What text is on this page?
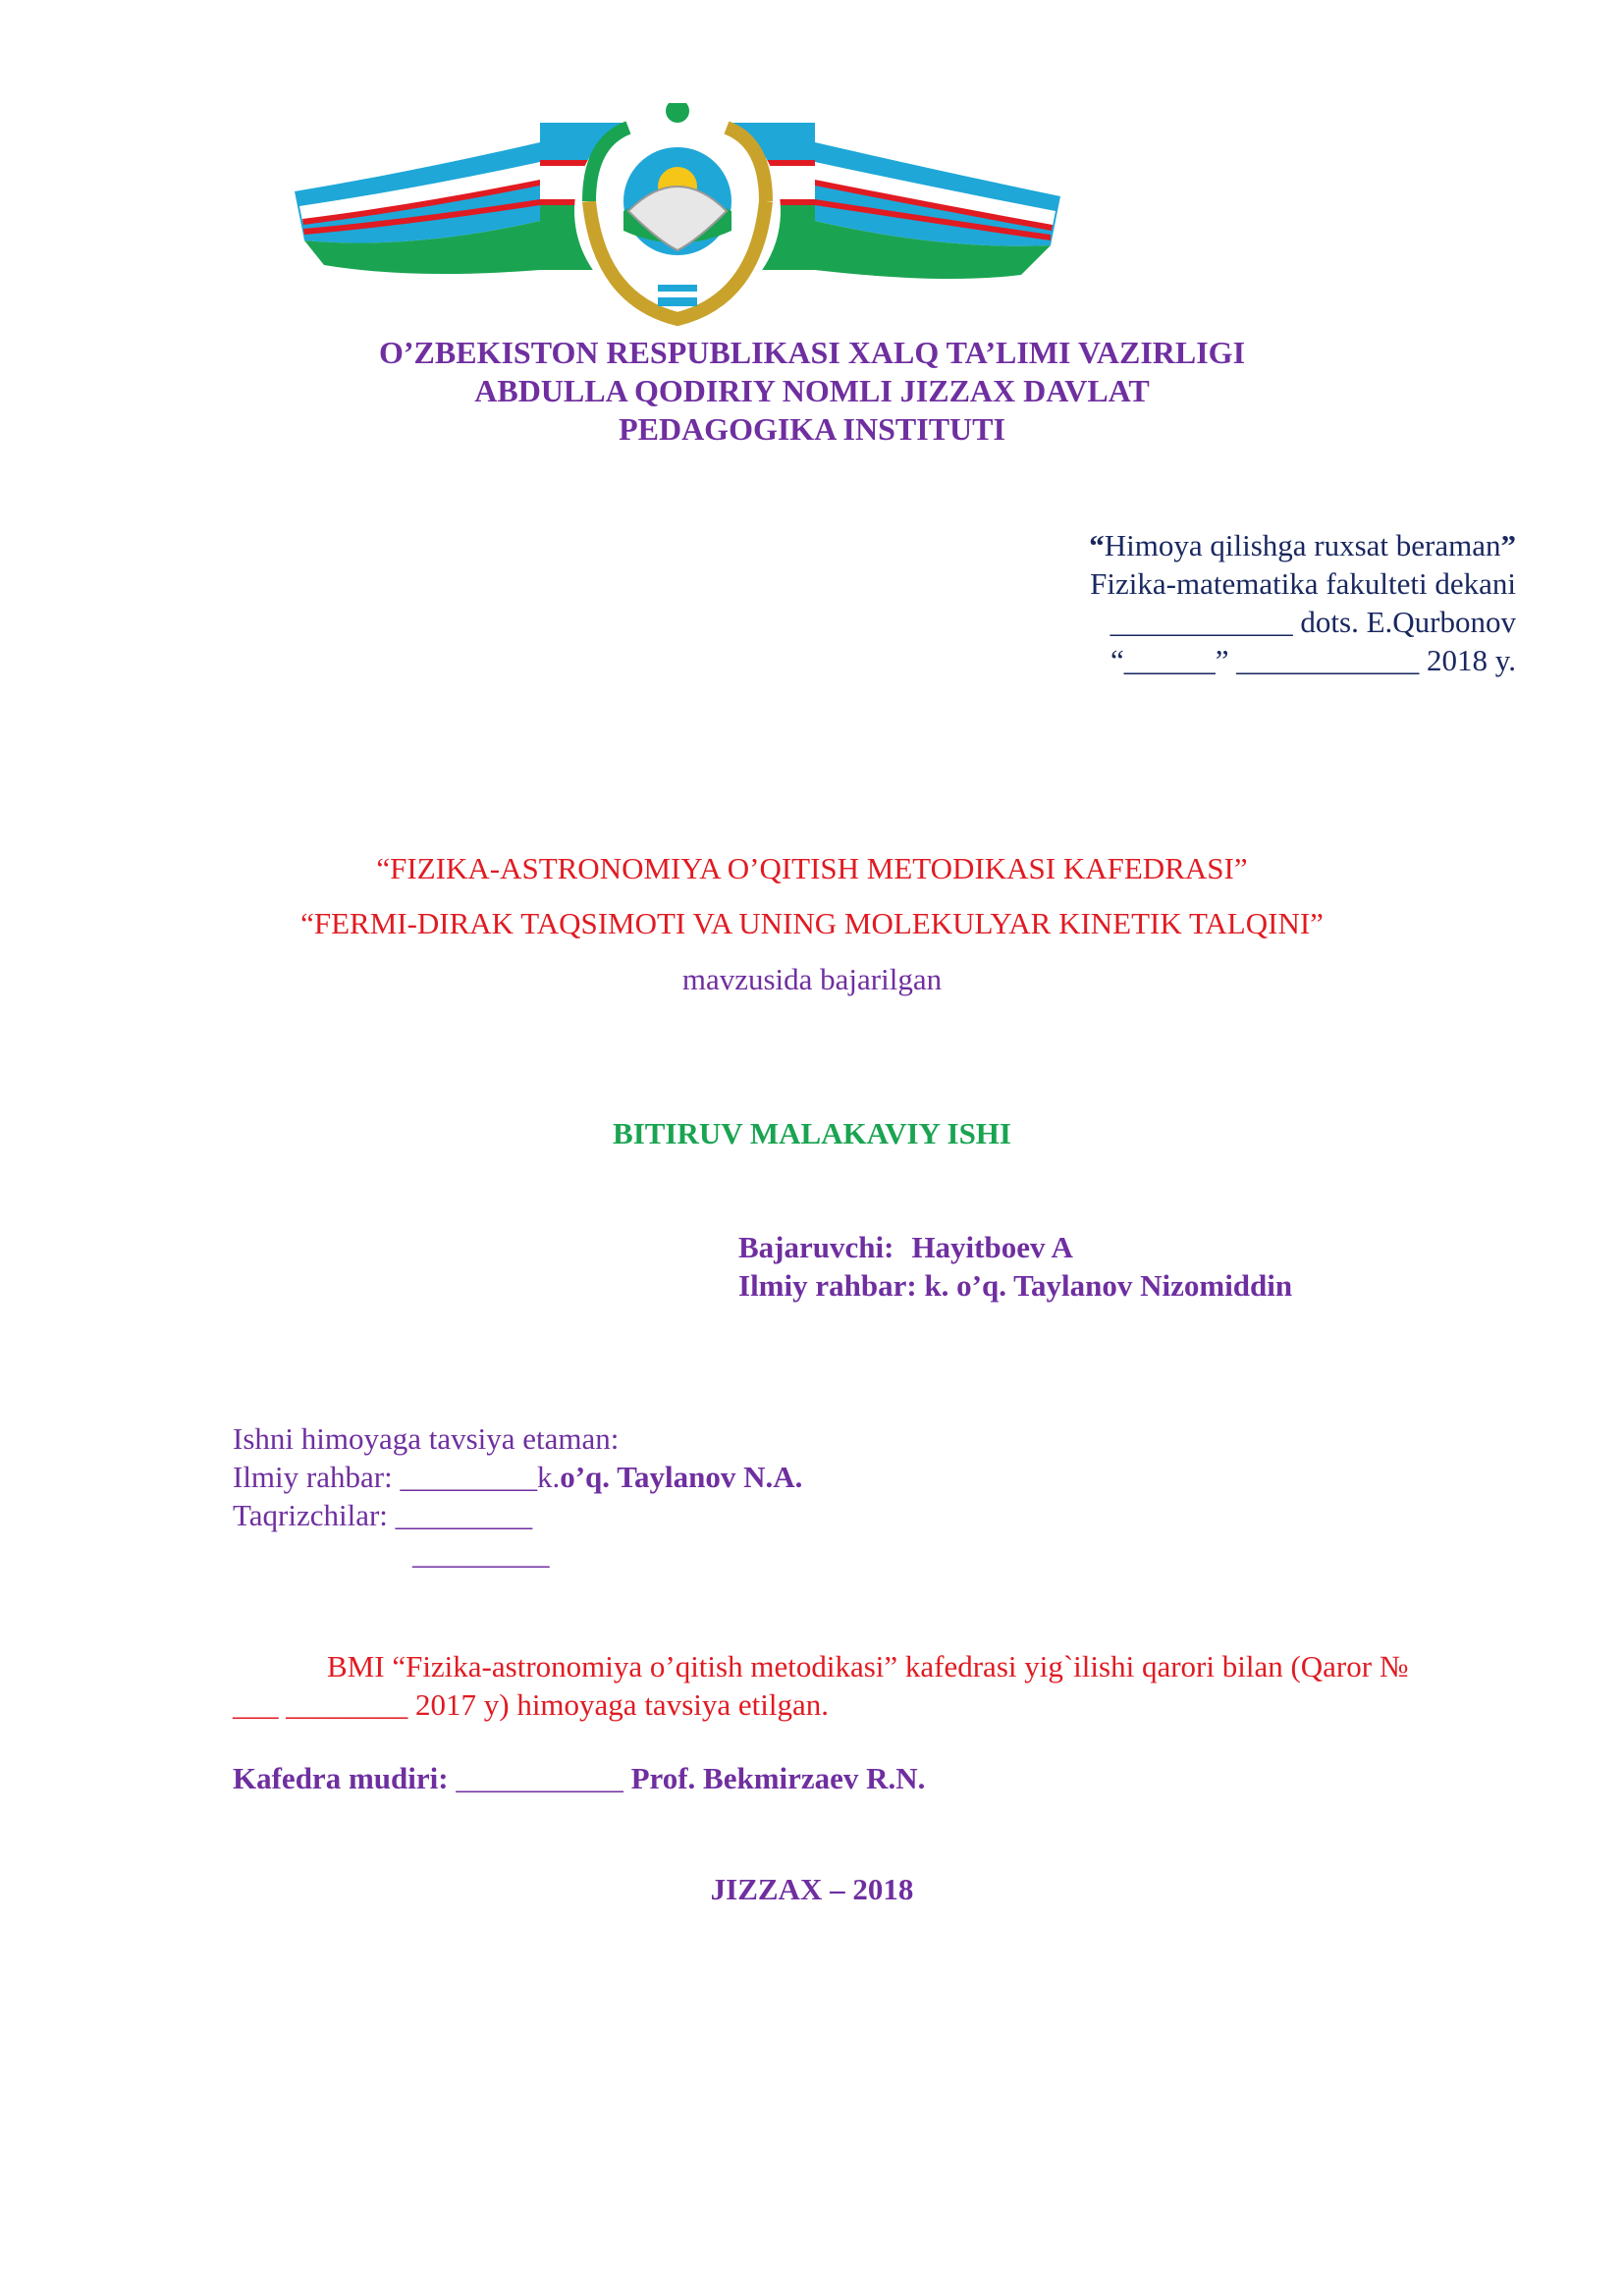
O’ZBEKISTON RESPUBLIKASI XALQ TA’LIMI VAZIRLIGI
ABDULLA QODIRIY NOMLI JIZZAX DAVLAT
PEDAGOGIKA INSTITUTI
“Himoya qilishga ruxsat beraman”
Fizika-matematika fakulteti dekani
____________ dots. E.Qurbonov
“______” ____________ 2018 y.
“FIZIKA-ASTRONOMIYA O’QITISH METODIKASI KAFEDRASI”
“FERMI-DIRAK TAQSIMOTI VA UNING MOLEKULYAR KINETIK TALQINI”
mavzusida bajarilgan
BITIRUV MALAKAVIY ISHI
Bajaruvchi: Hayitboev A
Ilmiy rahbar: k. o’q. Taylanov Nizomiddin
Ishni himoyaga tavsiya etaman:
Ilmiy rahbar: _________k.o’q. Taylanov N.A.
Taqrizchilar: _________
_________
BMI “Fizika-astronomiya o’qitish metodikasi” kafedrasi yig`ilishi qarori bilan (Qaror №
___ ________ 2017 y) himoyaga tavsiya etilgan.
Kafedra mudiri: ___________ Prof. Bekmirzaev R.N.
JIZZAX – 2018
